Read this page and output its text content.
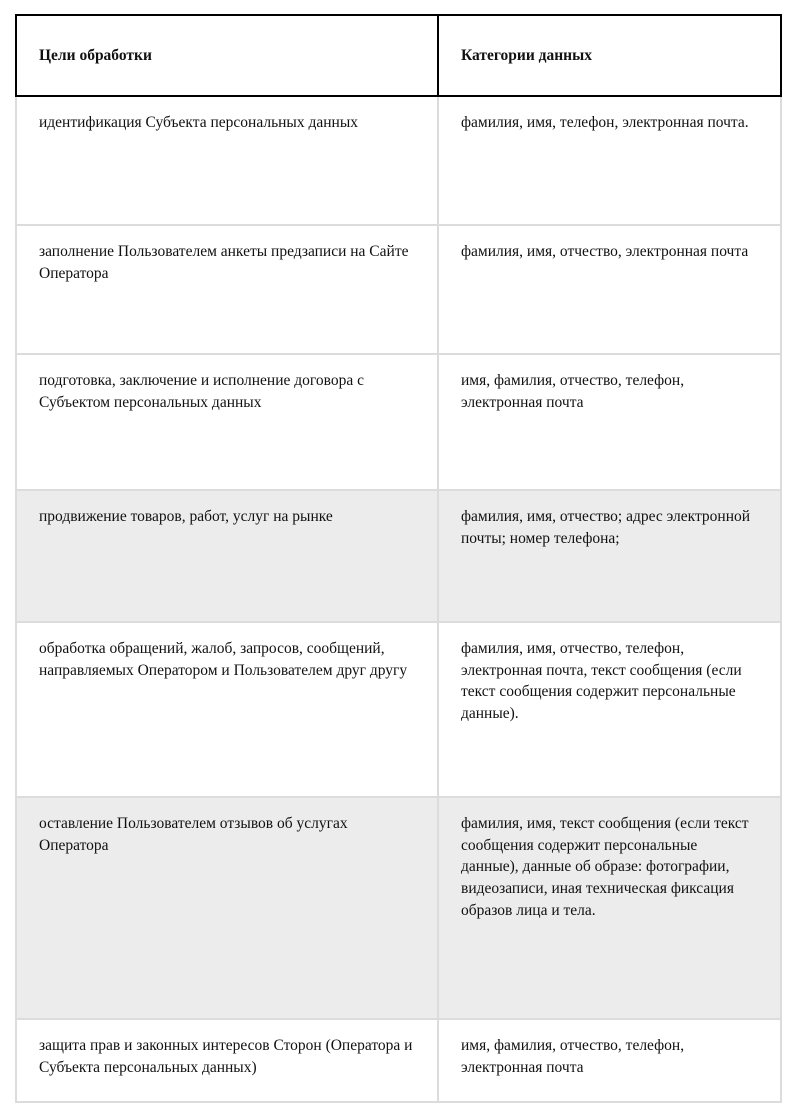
Цели обработки	Категории данных
идентификация Субъекта персональных данных	фамилия, имя, телефон, электронная почта.
заполнение Пользователем анкеты предзаписи на Сайте Оператора	фамилия, имя, отчество, электронная почта
подготовка, заключение и исполнение договора с Субъектом персональных данных	имя, фамилия, отчество, телефон, электронная почта
продвижение товаров, работ, услуг на рынке	фамилия, имя, отчество; адрес электронной почты; номер телефона;
обработка обращений, жалоб, запросов, сообщений, направляемых Оператором и Пользователем друг другу	фамилия, имя, отчество, телефон, электронная почта, текст сообщения (если текст сообщения содержит персональные данные).
оставление Пользователем отзывов об услугах Оператора	фамилия, имя, текст сообщения (если текст сообщения содержит персональные данные), данные об образе: фотографии, видеозаписи, иная техническая фиксация образов лица и тела.
защита прав и законных интересов Сторон (Оператора и Субъекта персональных данных)	имя, фамилия, отчество, телефон, электронная почта
